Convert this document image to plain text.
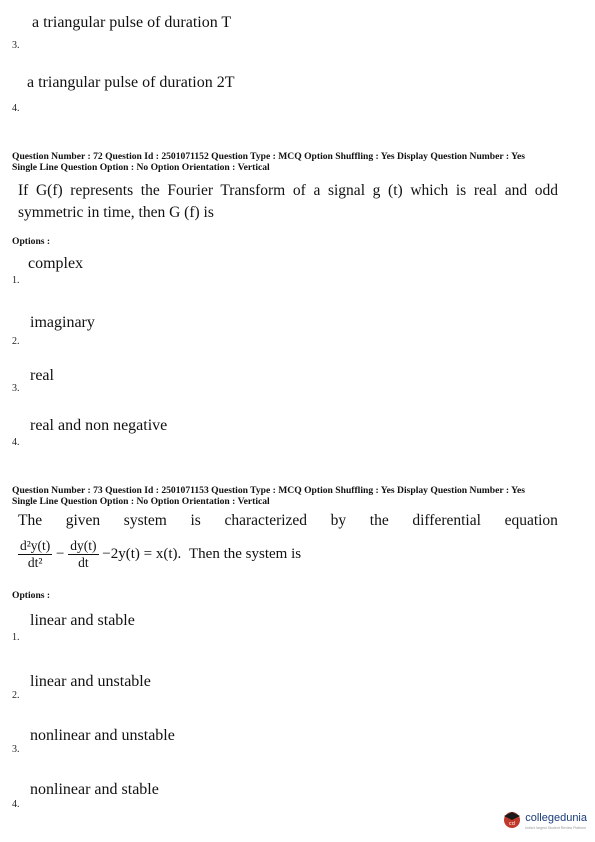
a triangular pulse of duration T
3.
a triangular pulse of duration 2T
4.
Question Number : 72 Question Id : 2501071152 Question Type : MCQ Option Shuffling : Yes Display Question Number : Yes
Single Line Question Option : No Option Orientation : Vertical
If G(f) represents the Fourier Transform of a signal g (t) which is real and odd
symmetric in time, then G (f) is
Options :
complex
1.
imaginary
2.
real
3.
real and non negative
4.
Question Number : 73 Question Id : 2501071153 Question Type : MCQ Option Shuffling : Yes Display Question Number : Yes
Single Line Question Option : No Option Orientation : Vertical
The given system is characterized by the differential equation
$\frac{\text{d²y(t)}}{\text{dt²}} - \frac{dy(t)}{dt} -2y(t) = x(t)$. Then the system is
Options :
linear and stable
1.
linear and unstable
2.
nonlinear and unstable
3.
nonlinear and stable
4.
cd collegedunia
India's largest Student Review Platform
